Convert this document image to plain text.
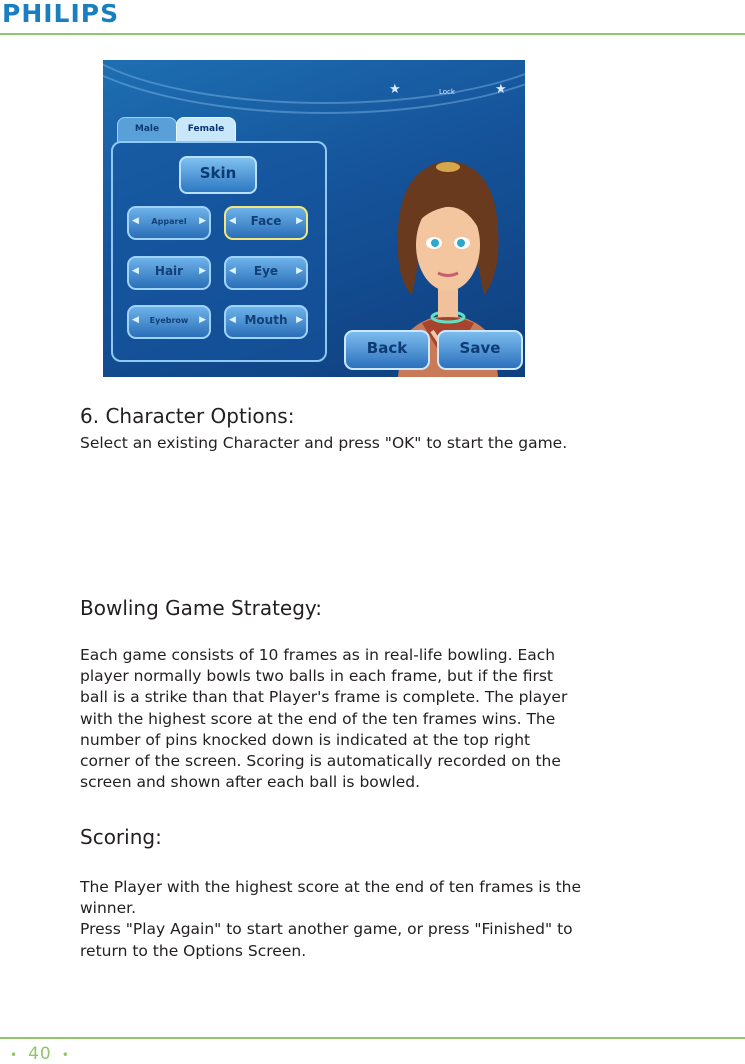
PHILIPS
★	Lock	★
Male	Female
Skin
Apparel
◀	▶	Face
◀	▶
Hair
◀	▶	Eye
◀	▶
Eyebrow
◀	▶	Mouth
◀	▶
Back	Save
6. Character Options:
Select an existing Character and press "OK" to start the game.
Bowling Game Strategy:
Each game consists of 10 frames as in real-life bowling. Each
player normally bowls two balls in each frame, but if the first
ball is a strike than that Player's frame is complete. The player
with the highest score at the end of the ten frames wins. The
number of pins knocked down is indicated at the top right
corner of the screen. Scoring is automatically recorded on the
screen and shown after each ball is bowled.
Scoring:
The Player with the highest score at the end of ten frames is the
winner.
Press "Play Again" to start another game, or press "Finished" to
return to the Options Screen.
• 40 •
